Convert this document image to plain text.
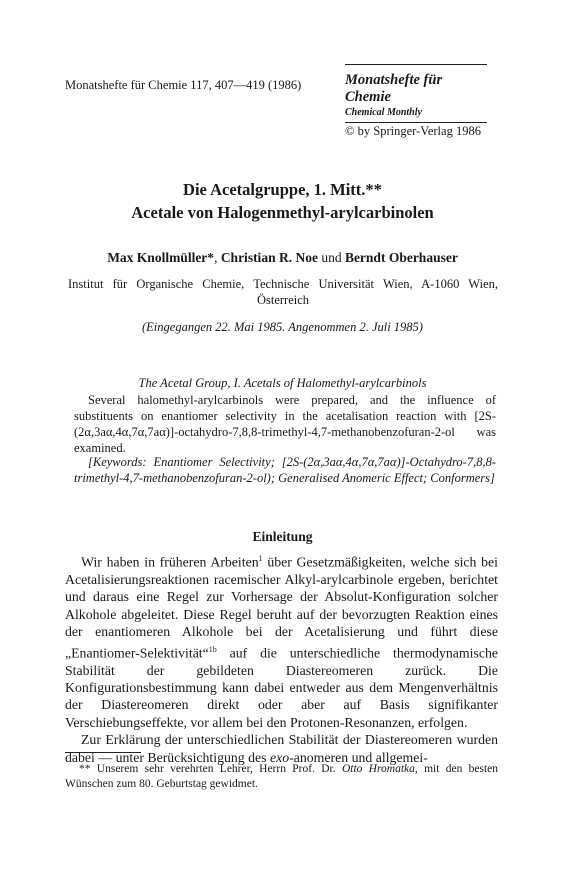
Monatshefte für Chemie 117, 407—419 (1986)	Monatshefte für Chemie
Chemical Monthly
© by Springer-Verlag 1986
Die Acetalgruppe, 1. Mitt.**
Acetale von Halogenmethyl-arylcarbinolen
Max Knollmüller*, Christian R. Noe und Berndt Oberhauser
Institut für Organische Chemie, Technische Universität Wien, A-1060 Wien,
Österreich
(Eingegangen 22. Mai 1985. Angenommen 2. Juli 1985)
The Acetal Group, I. Acetals of Halomethyl-arylcarbinols
Several halomethyl-arylcarbinols were prepared, and the influence of substituents on enantiomer selectivity in the acetalisation reaction with [2S-(2α,3aα,4α,7α,7aα)]-octahydro-7,8,8-trimethyl-4,7-methanobenzofuran-2-ol was examined.
[Keywords: Enantiomer Selectivity; [2S-(2α,3aα,4α,7α,7aα)]-Octahydro-7,8,8-trimethyl-4,7-methanobenzofuran-2-ol); Generalised Anomeric Effect; Conformers]
Einleitung

Wir haben in früheren Arbeiten$^1$ über Gesetzmäßigkeiten, welche sich bei Acetalisierungsreaktionen racemischer Alkyl-arylcarbinole ergeben, berichtet und daraus eine Regel zur Vorhersage der Absolut-Konfiguration solcher Alkohole abgeleitet. Diese Regel beruht auf der bevorzugten Reaktion eines der enantiomeren Alkohole bei der Acetalisierung und führt diese „Enantiomer-Selektivität“$^{1b}$ auf die unterschiedliche thermodynamische Stabilität der gebildeten Diastereomeren zurück. Die Konfigurationsbestimmung kann dabei entweder aus dem Mengenverhältnis der Diastereomeren direkt oder aber auf Basis signifikanter Verschiebungseffekte, vor allem bei den Protonen-Resonanzen, erfolgen.

Zur Erklärung der unterschiedlichen Stabilität der Diastereomeren wurden dabei — unter Berücksichtigung des exo-anomeren und allgemei-

** Unserem sehr verehrten Lehrer, Herrn Prof. Dr. Otto Hromatka, mit den besten Wünschen zum 80. Geburtstag gewidmet.
